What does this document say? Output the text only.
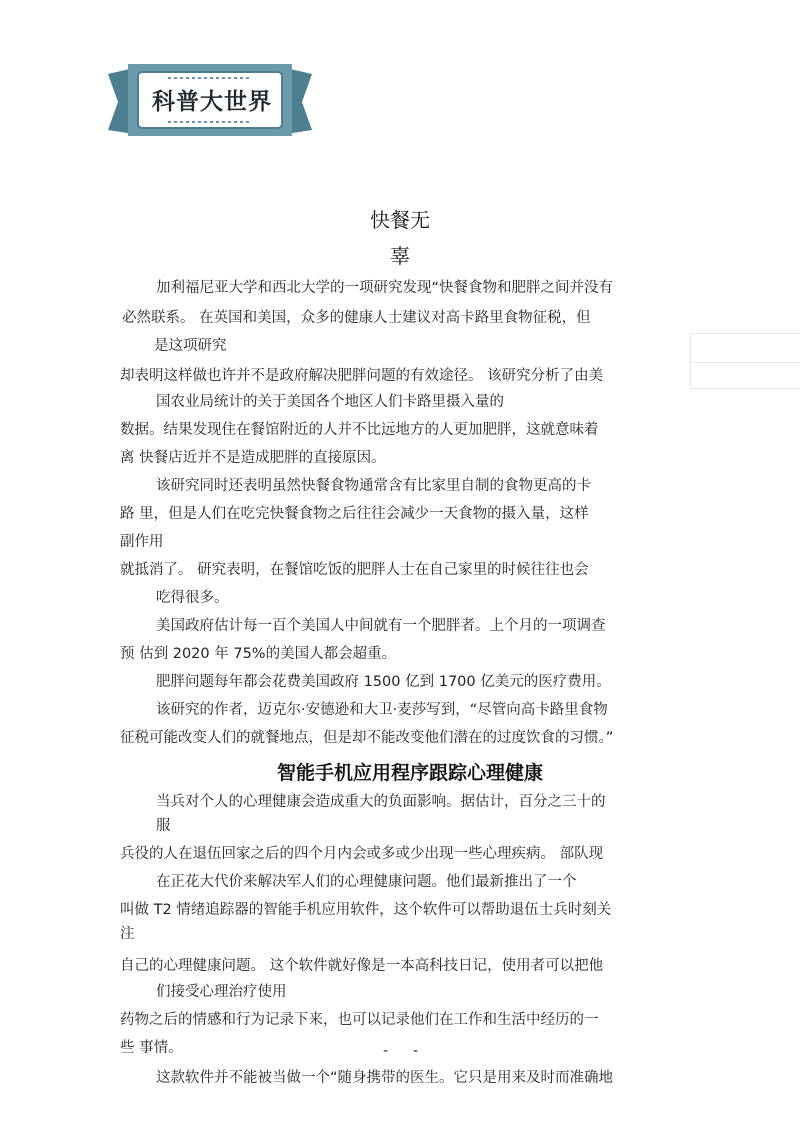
科普大世界
快餐无
辜
加利福尼亚大学和西北大学的一项研究发现“快餐食物和肥胖之间并没有
必然联系。 在英国和美国，众多的健康人士建议对高卡路里食物征税，但
是这项研究
却表明这样做也许并不是政府解决肥胖问题的有效途径。 该研究分析了由美
国农业局统计的关于美国各个地区人们卡路里摄入量的
数据。结果发现住在餐馆附近的人并不比远地方的人更加肥胖，这就意味着
离 快餐店近并不是造成肥胖的直接原因。
该研究同时还表明虽然快餐食物通常含有比家里自制的食物更高的卡
路 里，但是人们在吃完快餐食物之后往往会减少一天食物的摄入量，这样
副作用
就抵消了。 研究表明，在餐馆吃饭的肥胖人士在自己家里的时候往往也会
吃得很多。
美国政府估计每一百个美国人中间就有一个肥胖者。上个月的一项调查
预 估到 2020 年 75%的美国人都会超重。
肥胖问题每年都会花费美国政府 1500 亿到 1700 亿美元的医疗费用。
该研究的作者，迈克尔·安德逊和大卫·麦莎写到，“尽管向高卡路里食物
征税可能改变人们的就餐地点，但是却不能改变他们潜在的过度饮食的习惯。”
智能手机应用程序跟踪心理健康
当兵对个人的心理健康会造成重大的负面影响。据估计，百分之三十的
服
兵役的人在退伍回家之后的四个月内会或多或少出现一些心理疾病。 部队现
在正花大代价来解决军人们的心理健康问题。他们最新推出了一个
叫做 T2 情绪追踪器的智能手机应用软件，这个软件可以帮助退伍士兵时刻关
注
自己的心理健康问题。 这个软件就好像是一本高科技日记，使用者可以把他
们接受心理治疗使用
药物之后的情感和行为记录下来，也可以记录他们在工作和生活中经历的一
些 事情。
这款软件并不能被当做一个“随身携带的医生。它只是用来及时而准确地
- -
